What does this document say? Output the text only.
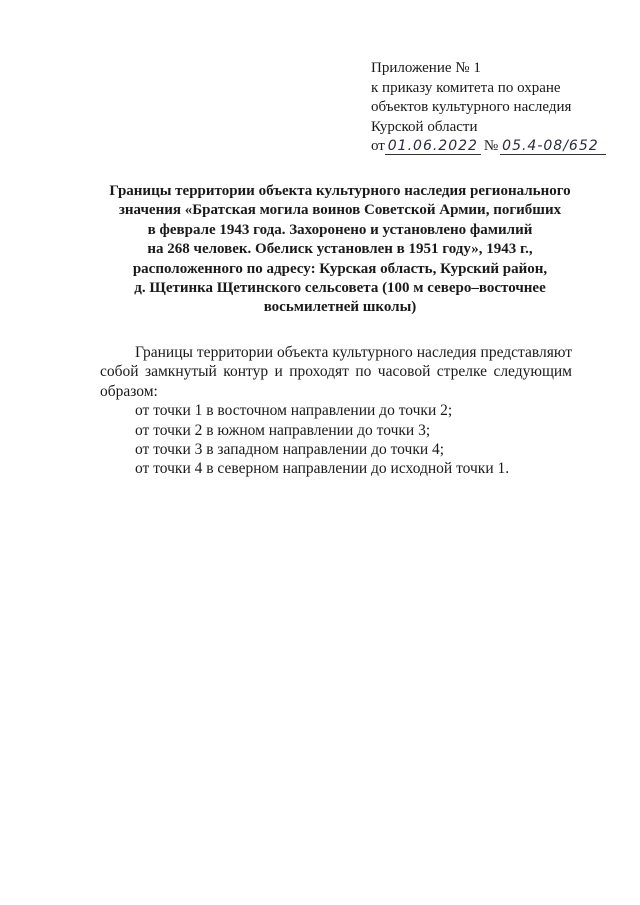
Приложение № 1
к приказу комитета по охране
объектов культурного наследия
Курской области
от 01.06.2022 № 05.4-08/652
Границы территории объекта культурного наследия регионального
значения «Братская могила воинов Советской Армии, погибших
в феврале 1943 года. Захоронено и установлено фамилий
на 268 человек. Обелиск установлен в 1951 году», 1943 г.,
расположенного по адресу: Курская область, Курский район,
д. Щетинка Щетинского сельсовета (100 м северо–восточнее
восьмилетней школы)

Границы территории объекта культурного наследия представляют собой замкнутый контур и проходят по часовой стрелке следующим образом:

от точки 1 в восточном направлении до точки 2;

от точки 2 в южном направлении до точки 3;

от точки 3 в западном направлении до точки 4;

от точки 4 в северном направлении до исходной точки 1.
